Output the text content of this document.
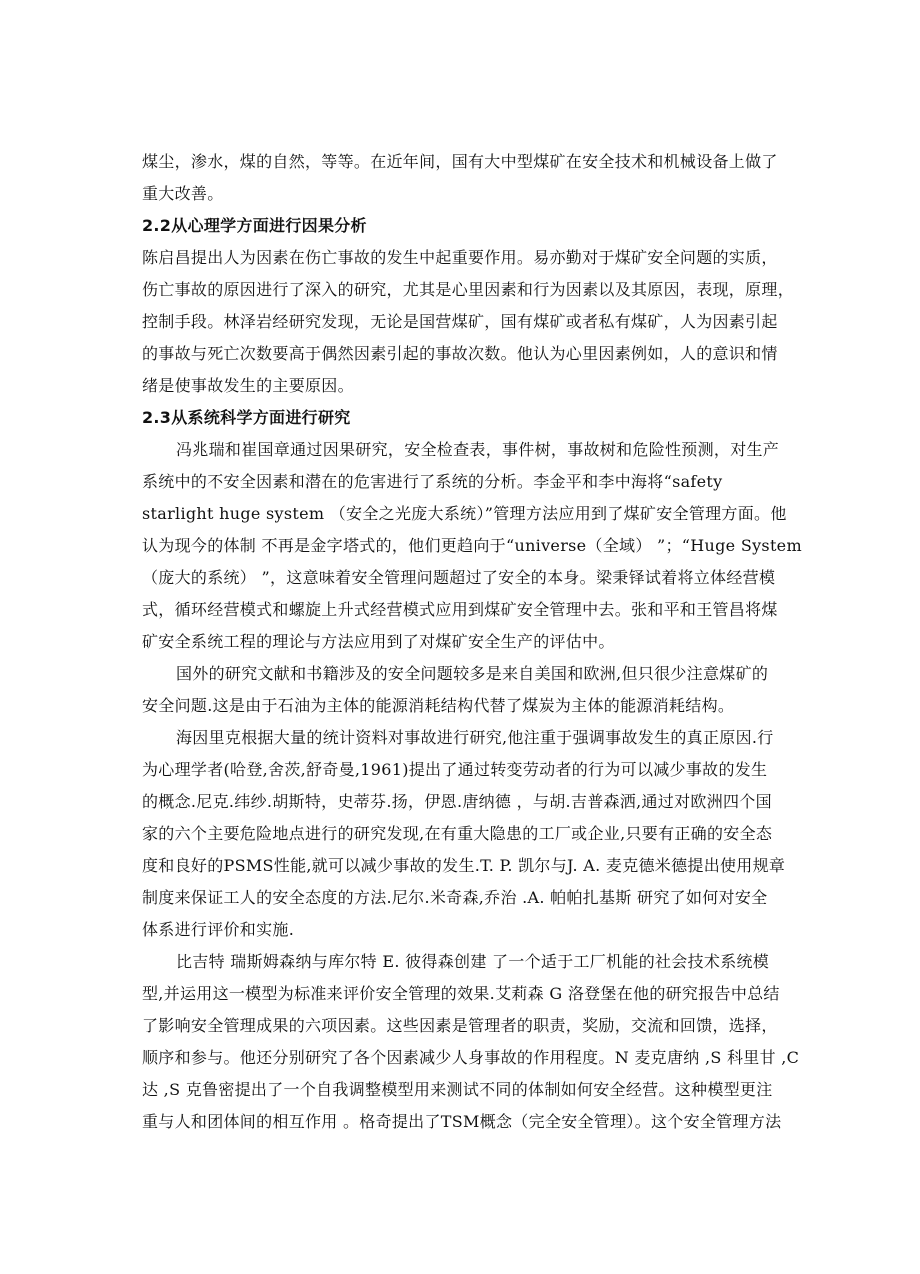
煤尘，渗水，煤的自然，等等。在近年间，国有大中型煤矿在安全技术和机械设备上做了
重大改善。
2.2从心理学方面进行因果分析
陈启昌提出人为因素在伤亡事故的发生中起重要作用。易亦勤对于煤矿安全问题的实质，
伤亡事故的原因进行了深入的研究，尤其是心里因素和行为因素以及其原因，表现，原理，
控制手段。林泽岩经研究发现，无论是国营煤矿，国有煤矿或者私有煤矿，人为因素引起
的事故与死亡次数要高于偶然因素引起的事故次数。他认为心里因素例如，人的意识和情
绪是使事故发生的主要原因。
2.3从系统科学方面进行研究
冯兆瑞和崔国章通过因果研究，安全检查表，事件树，事故树和危险性预测，对生产
系统中的不安全因素和潜在的危害进行了系统的分析。李金平和李中海将“safety
starlight huge system （安全之光庞大系统）”管理方法应用到了煤矿安全管理方面。他
认为现今的体制 不再是金字塔式的，他们更趋向于“universe（全域） ”；“Huge System
（庞大的系统） ”，这意味着安全管理问题超过了安全的本身。梁秉铎试着将立体经营模
式，循环经营模式和螺旋上升式经营模式应用到煤矿安全管理中去。张和平和王管昌将煤
矿安全系统工程的理论与方法应用到了对煤矿安全生产的评估中。
国外的研究文献和书籍涉及的安全问题较多是来自美国和欧洲,但只很少注意煤矿的
安全问题.这是由于石油为主体的能源消耗结构代替了煤炭为主体的能源消耗结构。
海因里克根据大量的统计资料对事故进行研究,他注重于强调事故发生的真正原因.行
为心理学者(哈登,舍茨,舒奇曼,1961)提出了通过转变劳动者的行为可以减少事故的发生
的概念.尼克.纬纱.胡斯特，史蒂芬.扬，伊恩.唐纳德 ，与胡.吉普森洒,通过对欧洲四个国
家的六个主要危险地点进行的研究发现,在有重大隐患的工厂或企业,只要有正确的安全态
度和良好的PSMS性能,就可以减少事故的发生.T. P. 凯尔与J. A. 麦克德米德提出使用规章
制度来保证工人的安全态度的方法.尼尔.米奇森,乔治 .A. 帕帕扎基斯 研究了如何对安全
体系进行评价和实施.
比吉特 瑞斯姆森纳与库尔特 E. 彼得森创建 了一个适于工厂机能的社会技术系统模
型,并运用这一模型为标准来评价安全管理的效果.艾莉森 G 洛登堡在他的研究报告中总结
了影响安全管理成果的六项因素。这些因素是管理者的职责，奖励，交流和回馈，选择，
顺序和参与。他还分别研究了各个因素减少人身事故的作用程度。N 麦克唐纳 ,S 科里甘 ,C
达 ,S 克鲁密提出了一个自我调整模型用来测试不同的体制如何安全经营。这种模型更注
重与人和团体间的相互作用 。格奇提出了TSM概念（完全安全管理）。这个安全管理方法
